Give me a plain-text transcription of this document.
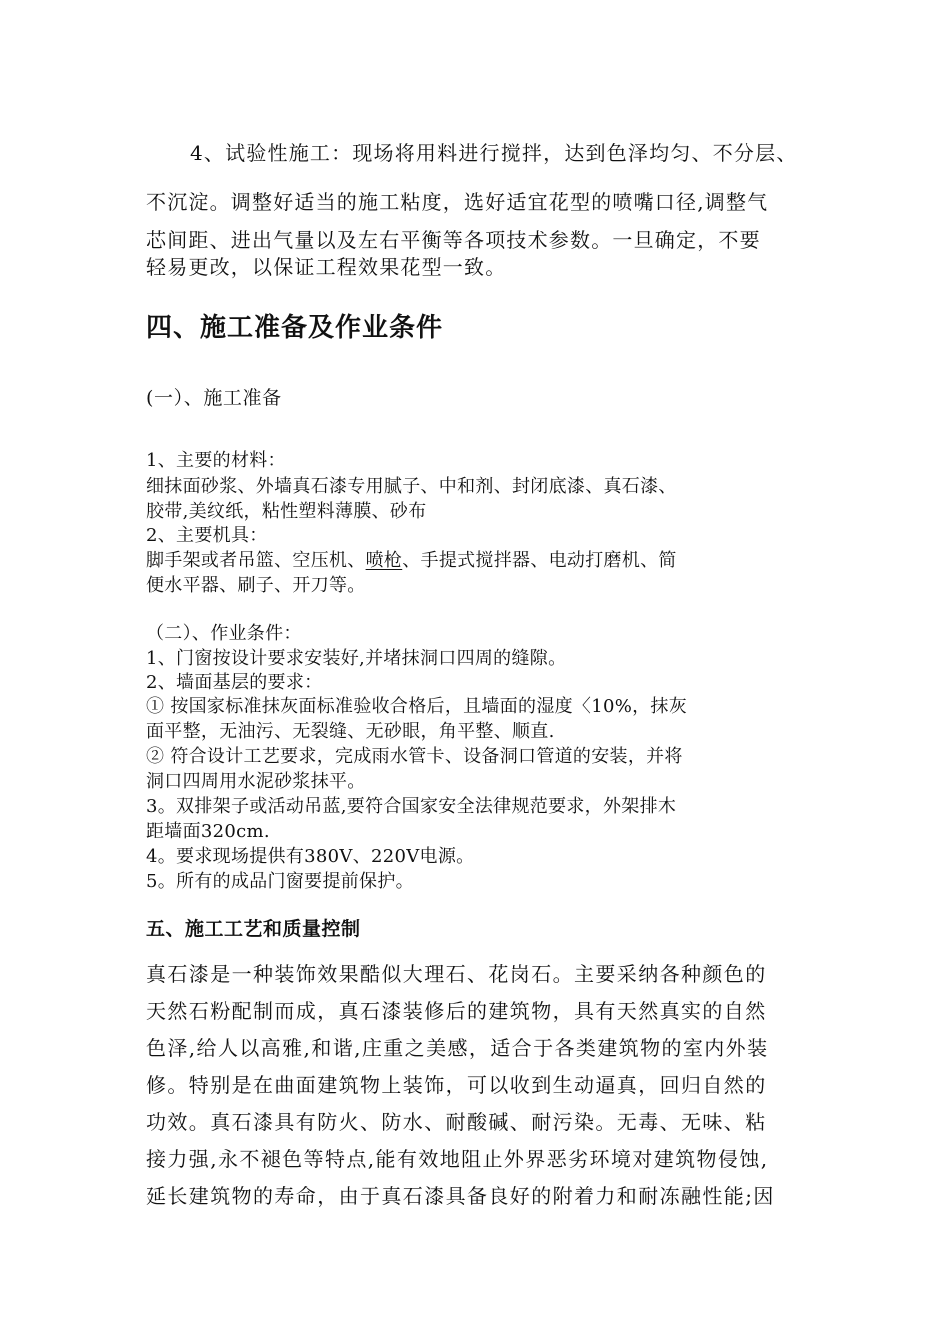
4、试验性施工：现场将用料进行搅拌，达到色泽均匀、不分层、
不沉淀。调整好适当的施工粘度，选好适宜花型的喷嘴口径,调整气
芯间距、进出气量以及左右平衡等各项技术参数。一旦确定，不要
轻易更改，以保证工程效果花型一致。
四、施工准备及作业条件
(一）、施工准备
1、主要的材料：
细抹面砂浆、外墙真石漆专用腻子、中和剂、封闭底漆、真石漆、
胶带,美纹纸，粘性塑料薄膜、砂布
2、主要机具：
脚手架或者吊篮、空压机、喷枪、手提式搅拌器、电动打磨机、简
便水平器、刷子、开刀等。
（二）、作业条件：
1、门窗按设计要求安装好,并堵抹洞口四周的缝隙。
2、墙面基层的要求：
① 按国家标准抹灰面标准验收合格后，且墙面的湿度〈10%，抹灰
面平整，无油污、无裂缝、无砂眼，角平整、顺直.
② 符合设计工艺要求，完成雨水管卡、设备洞口管道的安装，并将
洞口四周用水泥砂浆抹平。
3。双排架子或活动吊蓝,要符合国家安全法律规范要求，外架排木
距墙面320cm.
4。要求现场提供有380V、220V电源。
5。所有的成品门窗要提前保护。
五、施工工艺和质量控制
真石漆是一种装饰效果酷似大理石、花岗石。主要采纳各种颜色的
天然石粉配制而成，真石漆装修后的建筑物，具有天然真实的自然
色泽,给人以高雅,和谐,庄重之美感，适合于各类建筑物的室内外装
修。特别是在曲面建筑物上装饰，可以收到生动逼真，回归自然的
功效。真石漆具有防火、防水、耐酸碱、耐污染。无毒、无味、粘
接力强,永不褪色等特点,能有效地阻止外界恶劣环境对建筑物侵蚀,
延长建筑物的寿命，由于真石漆具备良好的附着力和耐冻融性能;因
